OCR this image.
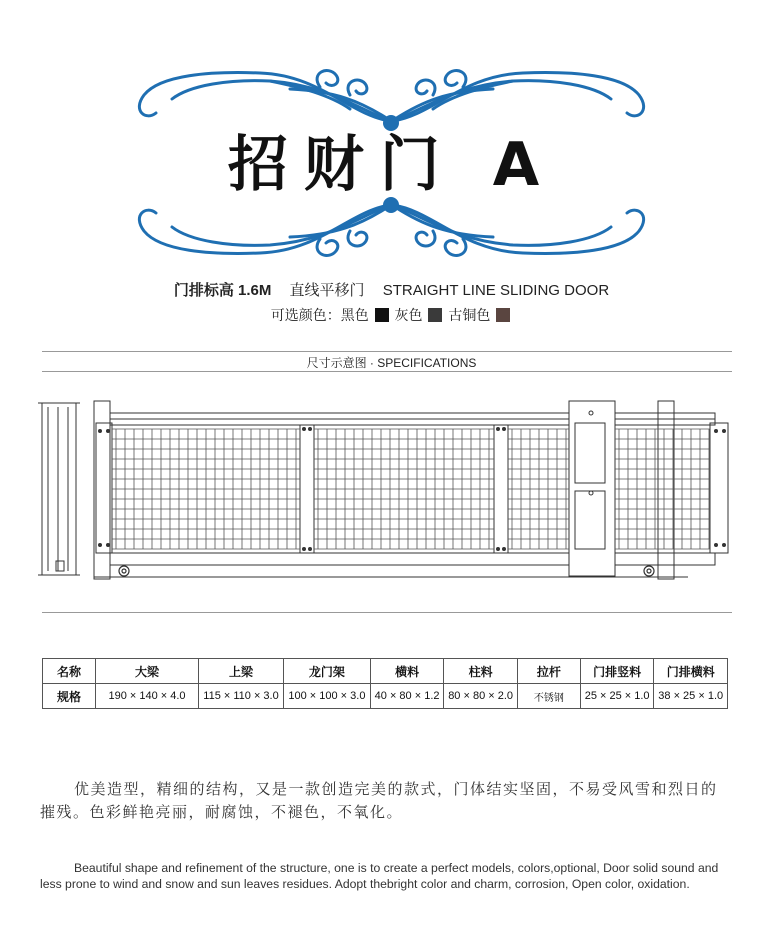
招财门 A
门排标高 1.6M 直线平移门 STRAIGHT LINE SLIDING DOOR
可选颜色：黑色 灰色 古铜色
尺寸示意图 · SPECIFICATIONS
名称	大梁	上梁	龙门架	横料	柱料	拉杆	门排竖料	门排横料
规格	190 × 140 × 4.0	115 × 110 × 3.0	100 × 100 × 3.0	40 × 80 × 1.2	80 × 80 × 2.0	不锈钢	25 × 25 × 1.0	38 × 25 × 1.0
优美造型，精细的结构，又是一款创造完美的款式，门体结实坚固，不易受风雪和烈日的摧残。色彩鲜艳亮丽，耐腐蚀，不褪色，不氧化。
Beautiful shape and refinement of the structure, one is to create a perfect models, colors,optional, Door solid sound and less prone to wind and snow and sun leaves residues. Adopt thebright color and charm, corrosion, Open color, oxidation.
